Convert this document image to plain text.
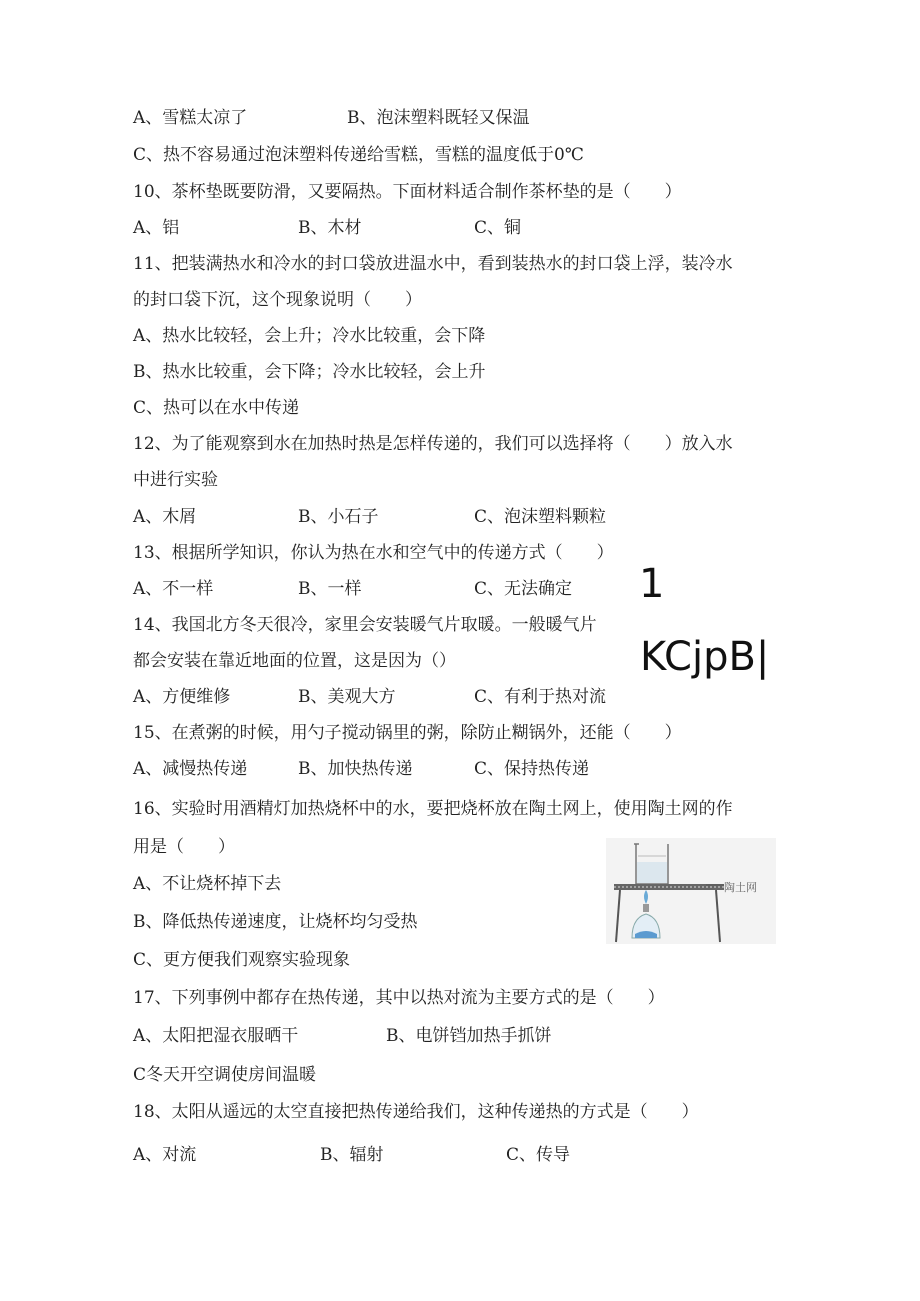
A、雪糕太凉了	B、泡沫塑料既轻又保温
C、热不容易通过泡沫塑料传递给雪糕，雪糕的温度低于0℃
10、茶杯垫既要防滑，又要隔热。下面材料适合制作茶杯垫的是（　　）
A、铝	B、木材	C、铜
11、把装满热水和冷水的封口袋放进温水中，看到装热水的封口袋上浮，装冷水
的封口袋下沉，这个现象说明（　　）
A、热水比较轻，会上升；冷水比较重，会下降
B、热水比较重，会下降；冷水比较轻，会上升
C、热可以在水中传递
12、为了能观察到水在加热时热是怎样传递的，我们可以选择将（　　）放入水
中进行实验
A、木屑	B、小石子	C、泡沫塑料颗粒
13、根据所学知识，你认为热在水和空气中的传递方式（　　）
A、不一样	B、一样	C、无法确定 1
KCjpB|
14、我国北方冬天很冷，家里会安装暖气片取暖。一般暖气片
都会安装在靠近地面的位置，这是因为（）
A、方便维修	B、美观大方	C、有利于热对流
15、在煮粥的时候，用勺子搅动锅里的粥，除防止糊锅外，还能（　　）
A、减慢热传递	B、加快热传递	C、保持热传递
16、实验时用酒精灯加热烧杯中的水，要把烧杯放在陶土网上，使用陶土网的作
用是（　　）
A、不让烧杯掉下去
B、降低热传递速度，让烧杯均匀受热
C、更方便我们观察实验现象
陶土网
17、下列事例中都存在热传递，其中以热对流为主要方式的是（　　）
A、太阳把湿衣服晒干	B、电饼铛加热手抓饼
C冬天开空调使房间温暖
18、太阳从遥远的太空直接把热传递给我们，这种传递热的方式是（　　）
A、对流	B、辐射	C、传导
